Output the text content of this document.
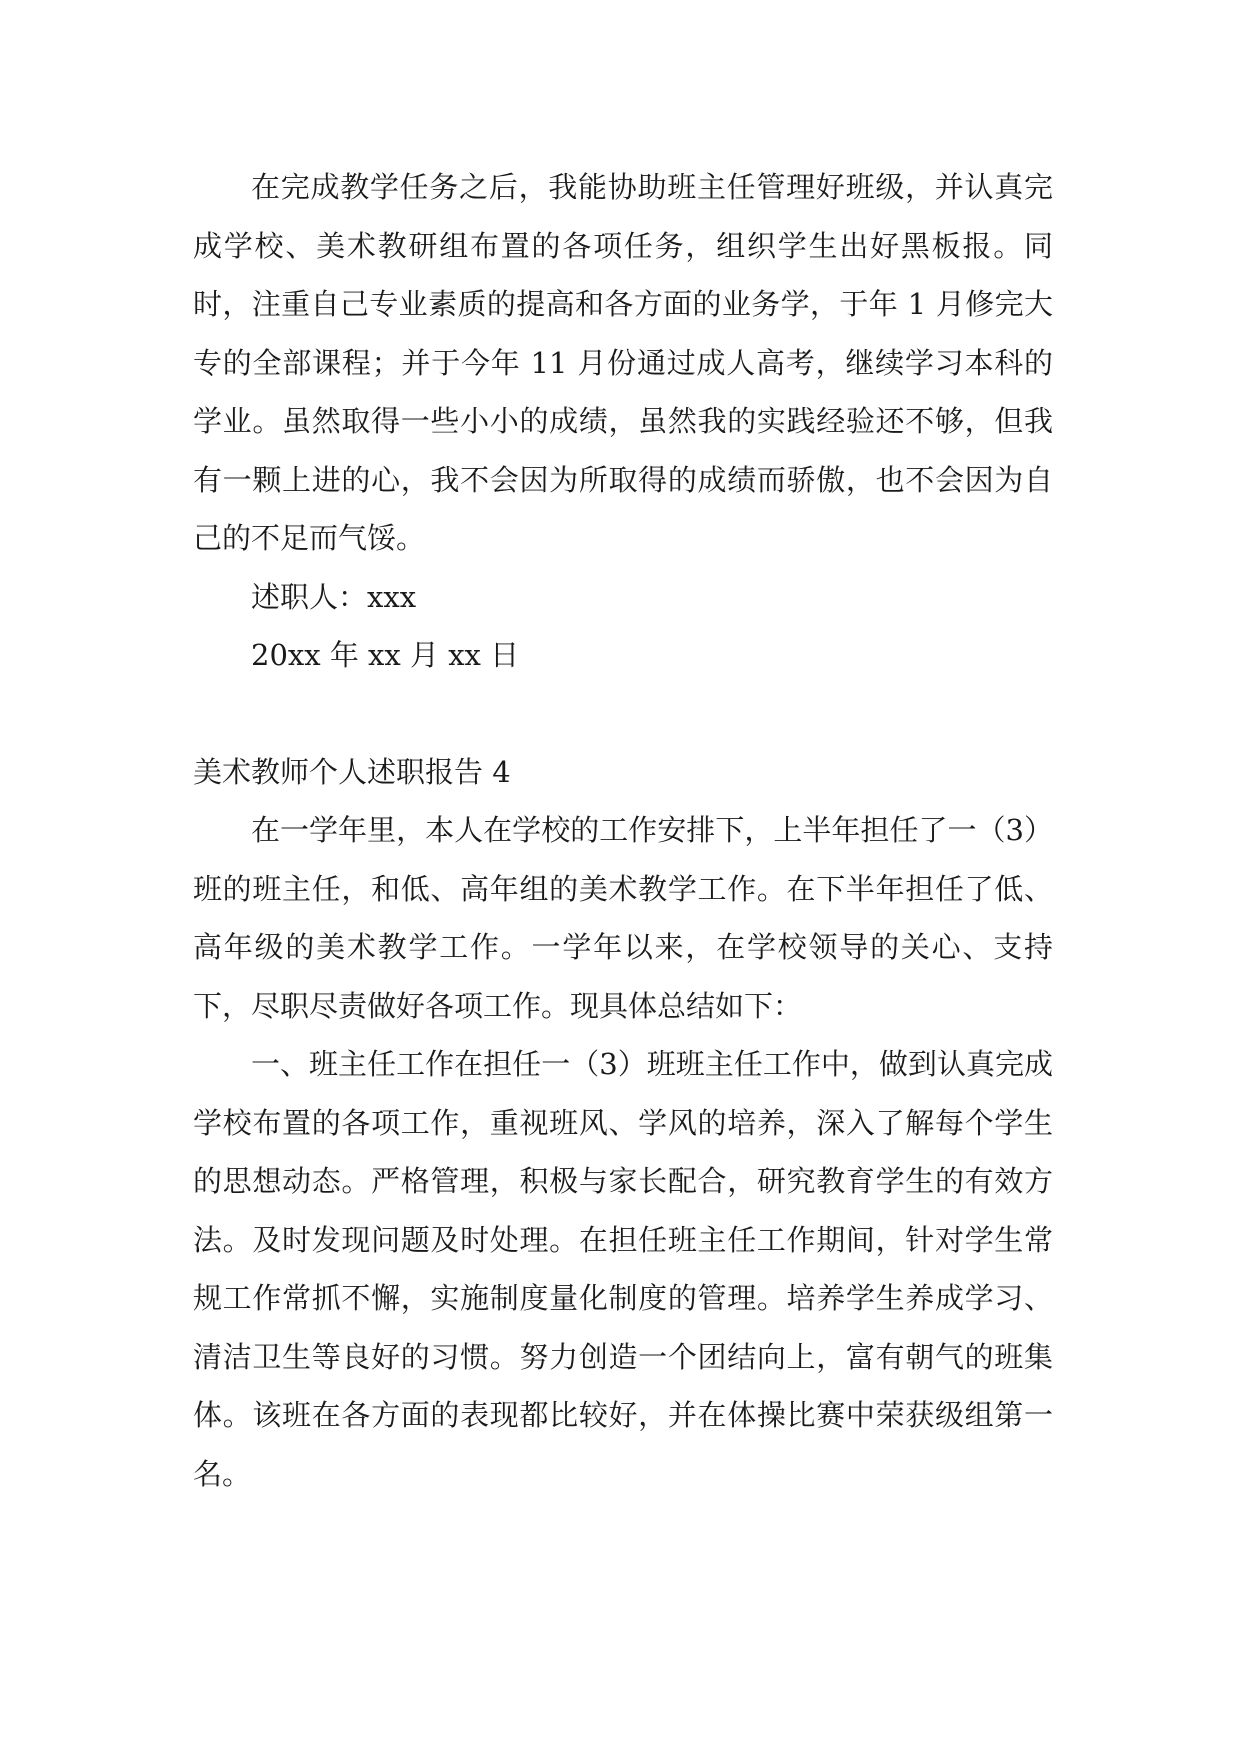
在完成教学任务之后，我能协助班主任管理好班级，并认真完成学校、美术教研组布置的各项任务，组织学生出好黑板报。同时，注重自己专业素质的提高和各方面的业务学，于年 1 月修完大专的全部课程；并于今年 11 月份通过成人高考，继续学习本科的学业。虽然取得一些小小的成绩，虽然我的实践经验还不够，但我有一颗上进的心，我不会因为所取得的成绩而骄傲，也不会因为自己的不足而气馁。

述职人：xxx

20xx 年 xx 月 xx 日

美术教师个人述职报告 4

在一学年里，本人在学校的工作安排下，上半年担任了一（3）班的班主任，和低、高年组的美术教学工作。在下半年担任了低、高年级的美术教学工作。一学年以来，在学校领导的关心、支持下，尽职尽责做好各项工作。现具体总结如下：

一、班主任工作在担任一（3）班班主任工作中，做到认真完成学校布置的各项工作，重视班风、学风的培养，深入了解每个学生的思想动态。严格管理，积极与家长配合，研究教育学生的有效方法。及时发现问题及时处理。在担任班主任工作期间，针对学生常规工作常抓不懈，实施制度量化制度的管理。培养学生养成学习、清洁卫生等良好的习惯。努力创造一个团结向上，富有朝气的班集体。该班在各方面的表现都比较好，并在体操比赛中荣获级组第一名。
